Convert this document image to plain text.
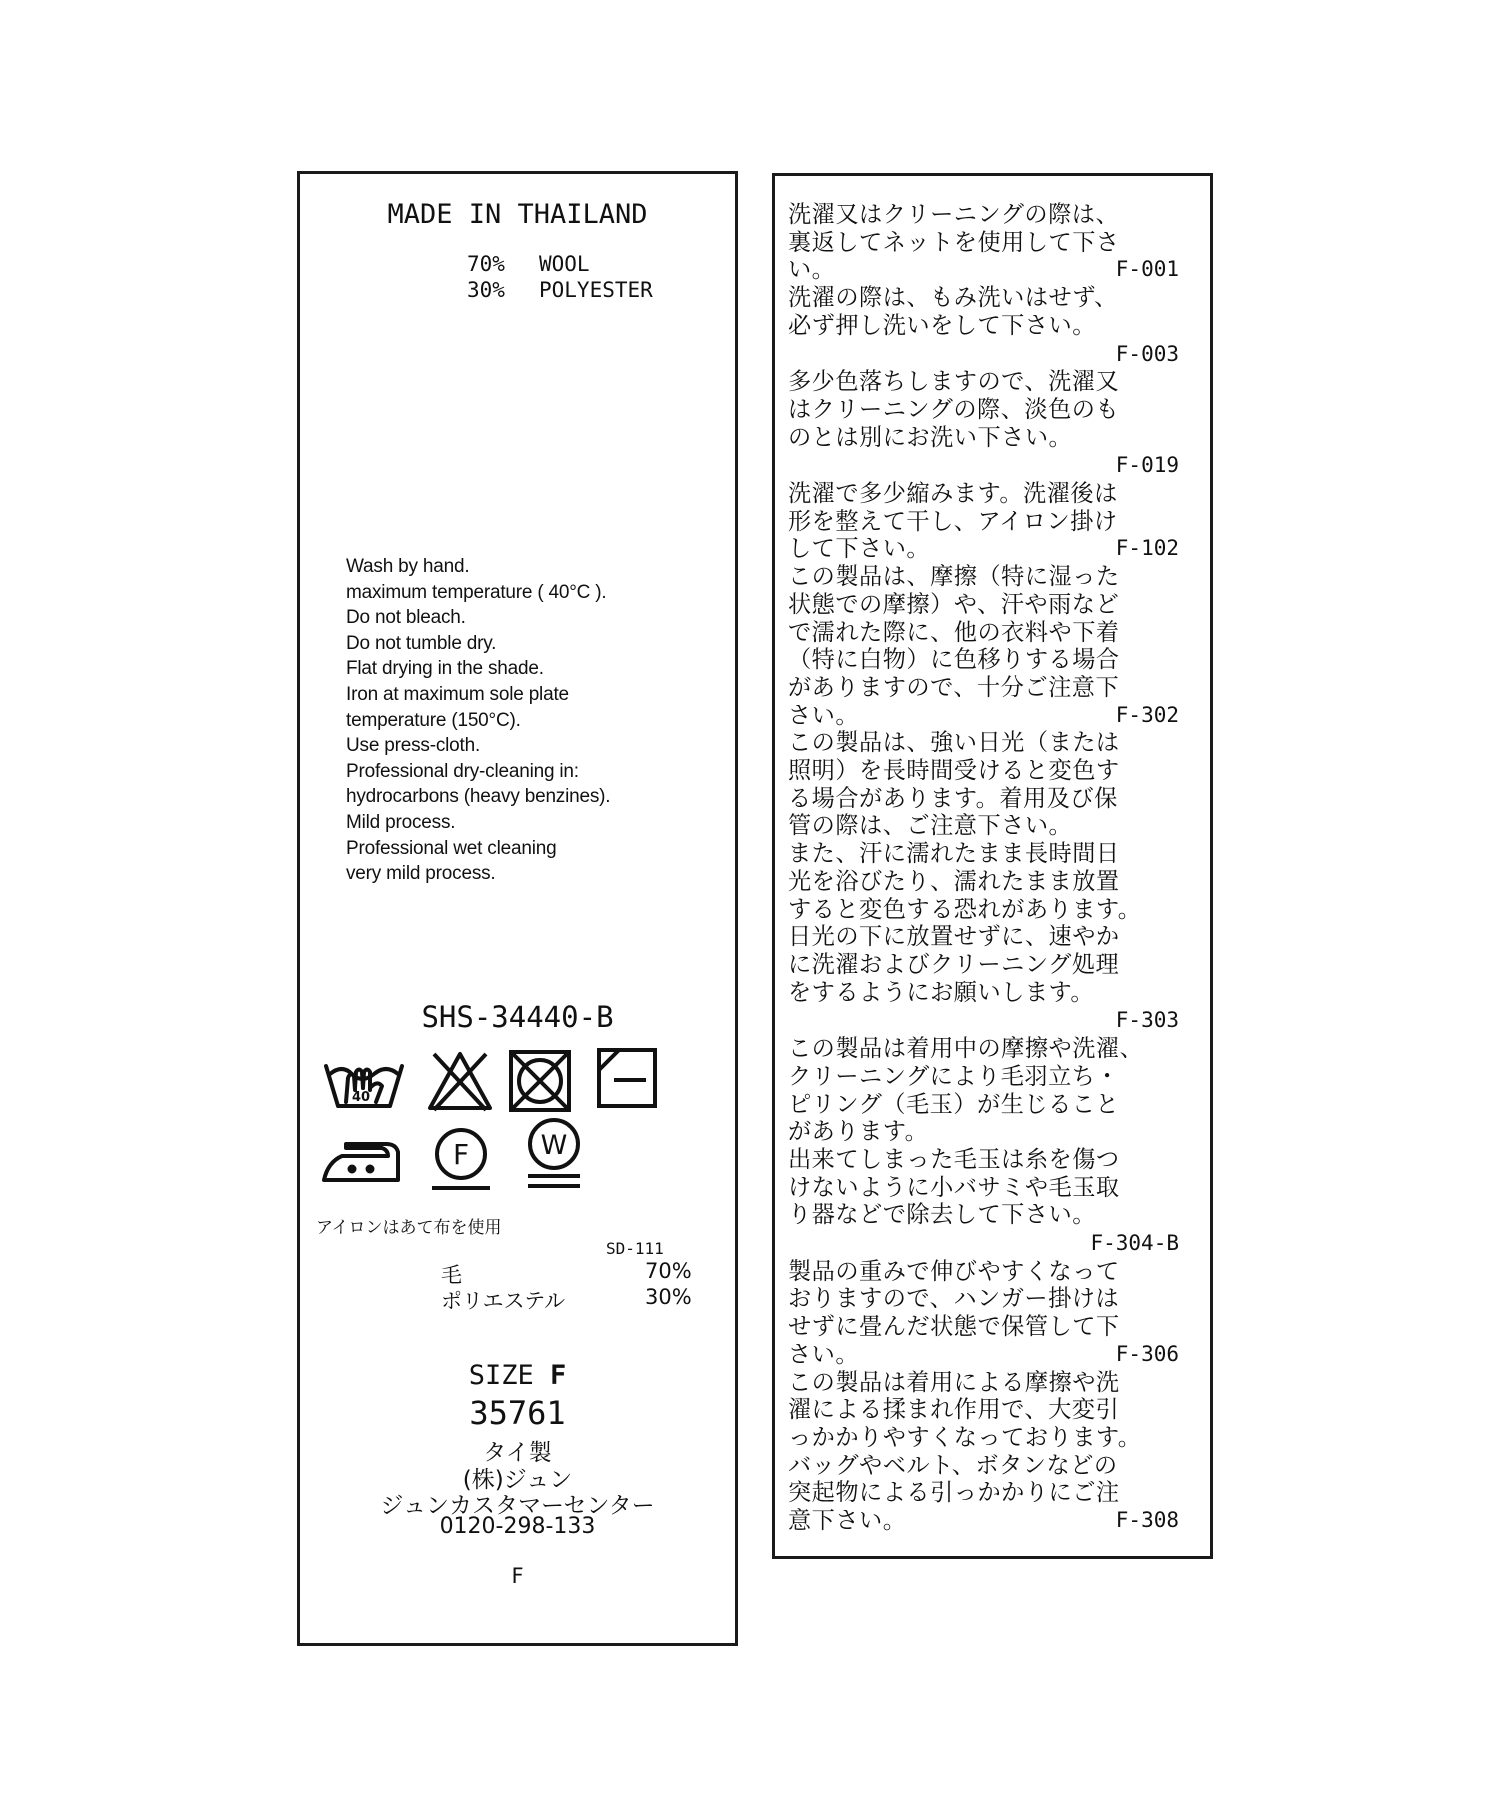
MADE IN THAILAND
70% WOOL
30% POLYESTER
Wash by hand.
maximum temperature ( 40°C ).
Do not bleach.
Do not tumble dry.
Flat drying in the shade.
Iron at maximum sole plate
temperature (150°C).
Use press-cloth.
Professional dry-cleaning in:
hydrocarbons (heavy benzines).
Mild process.
Professional wet cleaning
very mild process.
SHS-34440-B
40
F	W
アイロンはあて布を使用
SD-111
毛	70%
ポリエステル	30%
SIZE F
35761
タイ製
(株)ジュン
ジュンカスタマーセンター
0120-298-133
F
洗濯又はクリーニングの際は、
裏返してネットを使用して下さ
い。	F-001
洗濯の際は、もみ洗いはせず、
必ず押し洗いをして下さい。
F-003
多少色落ちしますので、洗濯又
はクリーニングの際、淡色のも
のとは別にお洗い下さい。
F-019
洗濯で多少縮みます。洗濯後は
形を整えて干し、アイロン掛け
して下さい。	F-102
この製品は、摩擦（特に湿った
状態での摩擦）や、汗や雨など
で濡れた際に、他の衣料や下着
（特に白物）に色移りする場合
がありますので、十分ご注意下
さい。	F-302
この製品は、強い日光（または
照明）を長時間受けると変色す
る場合があります。着用及び保
管の際は、ご注意下さい。
また、汗に濡れたまま長時間日
光を浴びたり、濡れたまま放置
すると変色する恐れがあります。
日光の下に放置せずに、速やか
に洗濯およびクリーニング処理
をするようにお願いします。
F-303
この製品は着用中の摩擦や洗濯、
クリーニングにより毛羽立ち・
ピリング（毛玉）が生じること
があります。
出来てしまった毛玉は糸を傷つ
けないように小バサミや毛玉取
り器などで除去して下さい。
F-304-B
製品の重みで伸びやすくなって
おりますので、ハンガー掛けは
せずに畳んだ状態で保管して下
さい。	F-306
この製品は着用による摩擦や洗
濯による揉まれ作用で、大変引
っかかりやすくなっております。
バッグやベルト、ボタンなどの
突起物による引っかかりにご注
意下さい。	F-308
